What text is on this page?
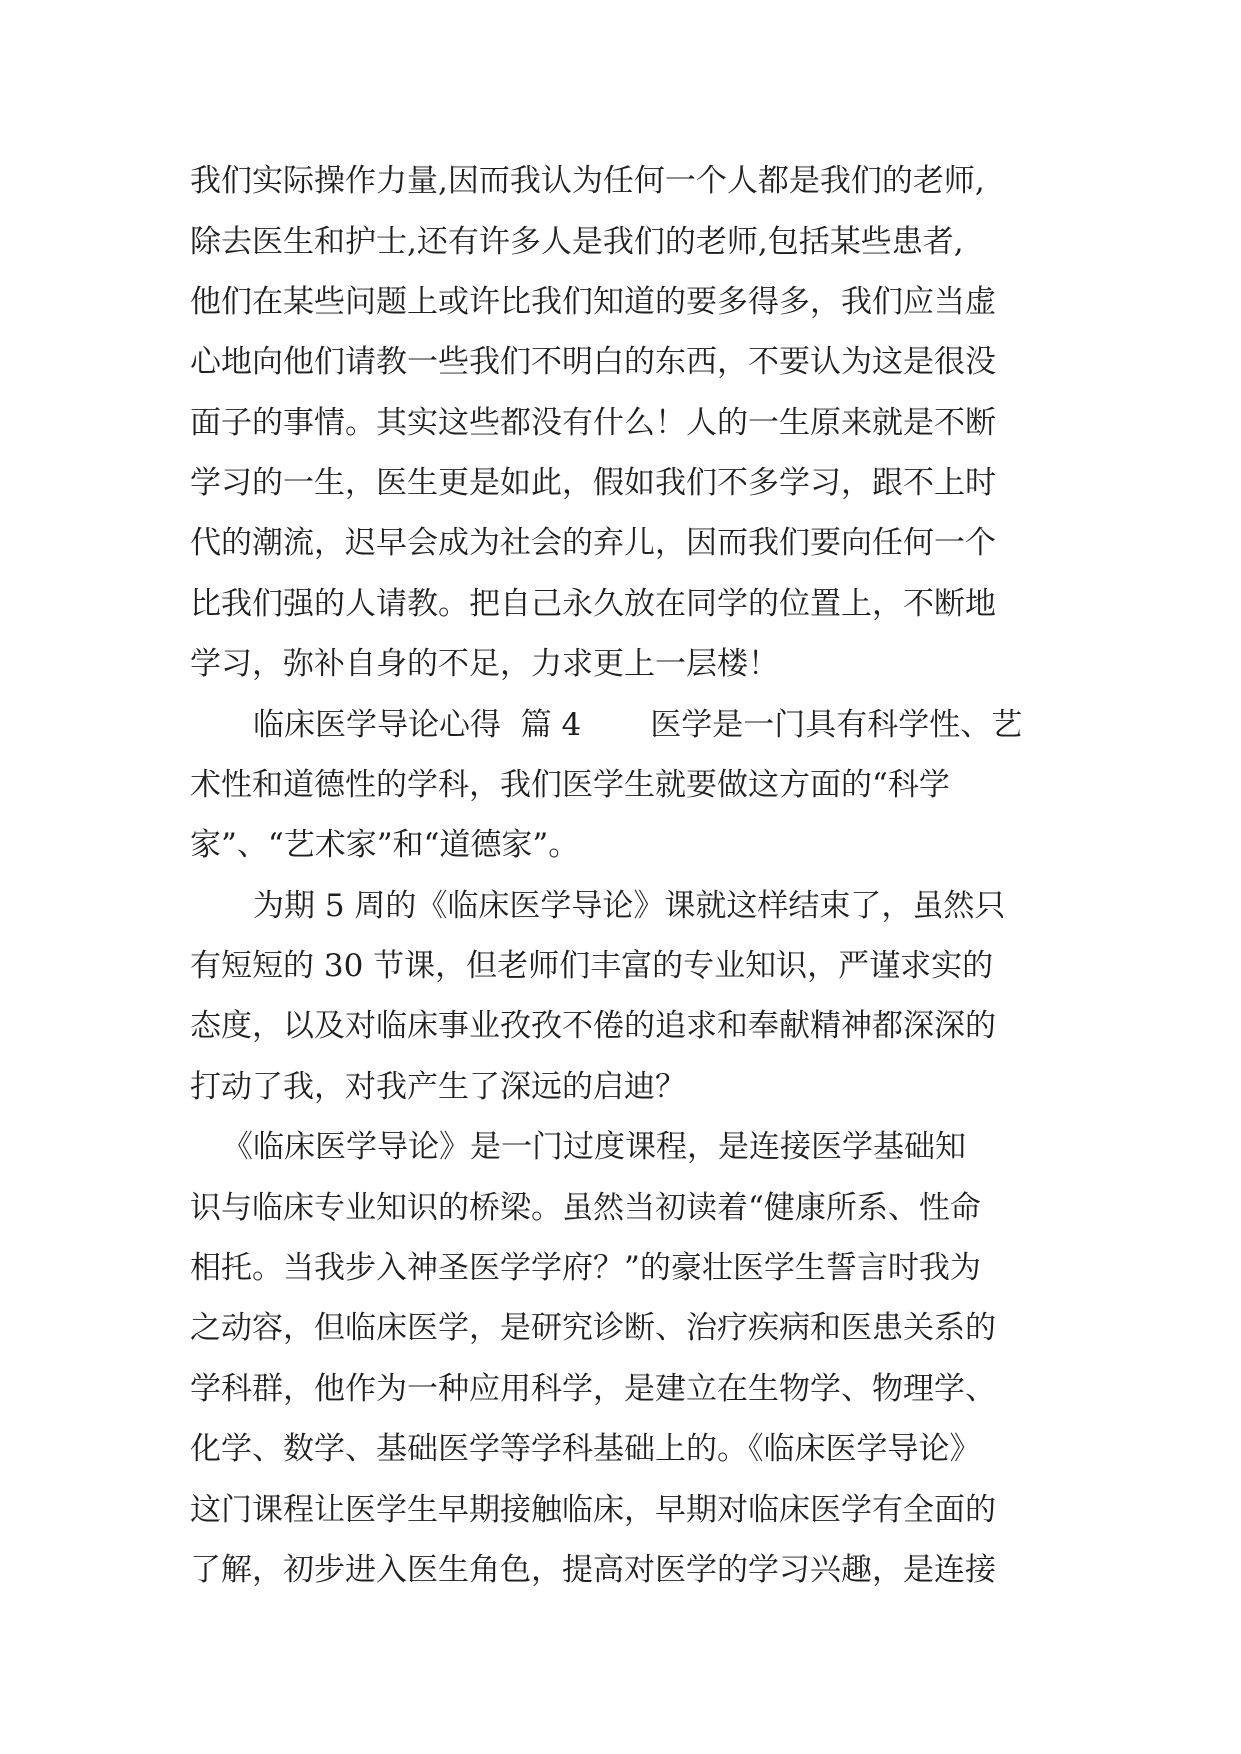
我们实际操作力量,因而我认为任何一个人都是我们的老师,

除去医生和护士,还有许多人是我们的老师,包括某些患者,

他们在某些问题上或许比我们知道的要多得多，我们应当虚

心地向他们请教一些我们不明白的东西，不要认为这是很没

面子的事情。其实这些都没有什么！人的一生原来就是不断

学习的一生，医生更是如此，假如我们不多学习，跟不上时

代的潮流，迟早会成为社会的弃儿，因而我们要向任何一个

比我们强的人请教。把自己永久放在同学的位置上，不断地

学习，弥补自身的不足，力求更上一层楼！

临床医学导论心得  篇 4       医学是一门具有科学性、艺

术性和道德性的学科，我们医学生就要做这方面的“科学

家”、“艺术家”和“道德家”。

为期 5 周的《临床医学导论》课就这样结束了，虽然只

有短短的 30 节课，但老师们丰富的专业知识，严谨求实的

态度，以及对临床事业孜孜不倦的追求和奉献精神都深深的

打动了我，对我产生了深远的启迪？

《临床医学导论》是一门过度课程，是连接医学基础知

识与临床专业知识的桥梁。虽然当初读着“健康所系、性命

相托。当我步入神圣医学学府？”的豪壮医学生誓言时我为

之动容，但临床医学，是研究诊断、治疗疾病和医患关系的

学科群，他作为一种应用科学，是建立在生物学、物理学、

化学、数学、基础医学等学科基础上的。《临床医学导论》

这门课程让医学生早期接触临床，早期对临床医学有全面的

了解，初步进入医生角色，提高对医学的学习兴趣，是连接
